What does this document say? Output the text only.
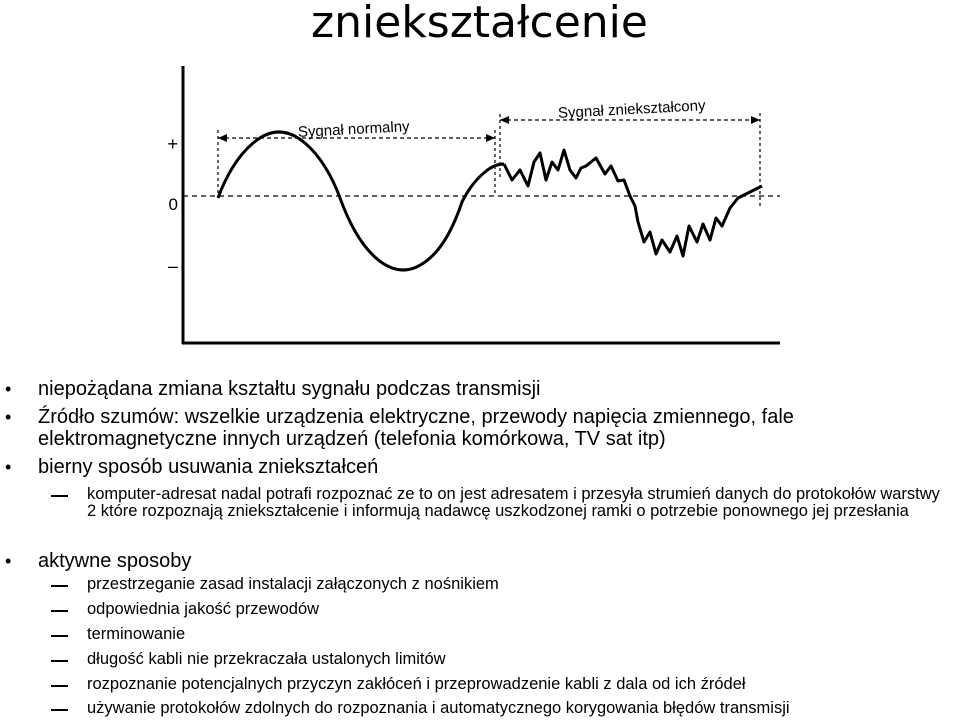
zniekształcenie
+
0
–
Sygnał normalny
Sygnał zniekształcony
• niepożądana zmiana kształtu sygnału podczas transmisji
• Źródło szumów: wszelkie urządzenia elektryczne, przewody napięcia zmiennego, fale elektromagnetyczne innych urządzeń (telefonia komórkowa, TV sat itp)
• bierny sposób usuwania zniekształceń
komputer-adresat nadal potrafi rozpoznać ze to on jest adresatem i przesyła strumień danych do protokołów warstwy 2 które rozpoznają zniekształcenie i informują nadawcę uszkodzonej ramki o potrzebie ponownego jej przesłania
• aktywne sposoby
przestrzeganie zasad instalacji załączonych z nośnikiem
odpowiednia jakość przewodów
terminowanie
długość kabli nie przekraczała ustalonych limitów
rozpoznanie potencjalnych przyczyn zakłóceń i przeprowadzenie kabli z dala od ich źródeł
używanie protokołów zdolnych do rozpoznania i automatycznego korygowania błędów transmisji
